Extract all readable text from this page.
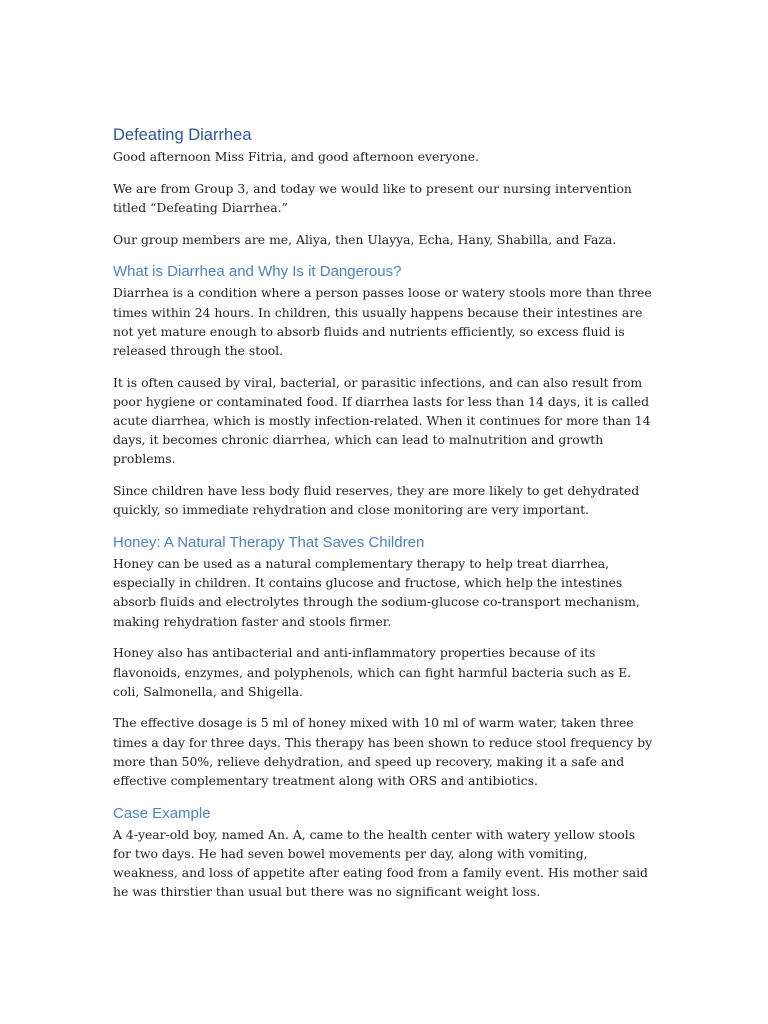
Defeating Diarrhea

Good afternoon Miss Fitria, and good afternoon everyone.

We are from Group 3, and today we would like to present our nursing intervention titled “Defeating Diarrhea.”

Our group members are me, Aliya, then Ulayya, Echa, Hany, Shabilla, and Faza.

What is Diarrhea and Why Is it Dangerous?

Diarrhea is a condition where a person passes loose or watery stools more than three times within 24 hours. In children, this usually happens because their intestines are not yet mature enough to absorb fluids and nutrients efficiently, so excess fluid is released through the stool.

It is often caused by viral, bacterial, or parasitic infections, and can also result from poor hygiene or contaminated food. If diarrhea lasts for less than 14 days, it is called acute diarrhea, which is mostly infection-related. When it continues for more than 14 days, it becomes chronic diarrhea, which can lead to malnutrition and growth problems.

Since children have less body fluid reserves, they are more likely to get dehydrated quickly, so immediate rehydration and close monitoring are very important.

Honey: A Natural Therapy That Saves Children

Honey can be used as a natural complementary therapy to help treat diarrhea, especially in children. It contains glucose and fructose, which help the intestines absorb fluids and electrolytes through the sodium-glucose co-transport mechanism, making rehydration faster and stools firmer.

Honey also has antibacterial and anti-inflammatory properties because of its flavonoids, enzymes, and polyphenols, which can fight harmful bacteria such as E. coli, Salmonella, and Shigella.

The effective dosage is 5 ml of honey mixed with 10 ml of warm water, taken three times a day for three days. This therapy has been shown to reduce stool frequency by more than 50%, relieve dehydration, and speed up recovery, making it a safe and effective complementary treatment along with ORS and antibiotics.

Case Example

A 4-year-old boy, named An. A, came to the health center with watery yellow stools for two days. He had seven bowel movements per day, along with vomiting, weakness, and loss of appetite after eating food from a family event. His mother said he was thirstier than usual but there was no significant weight loss.
